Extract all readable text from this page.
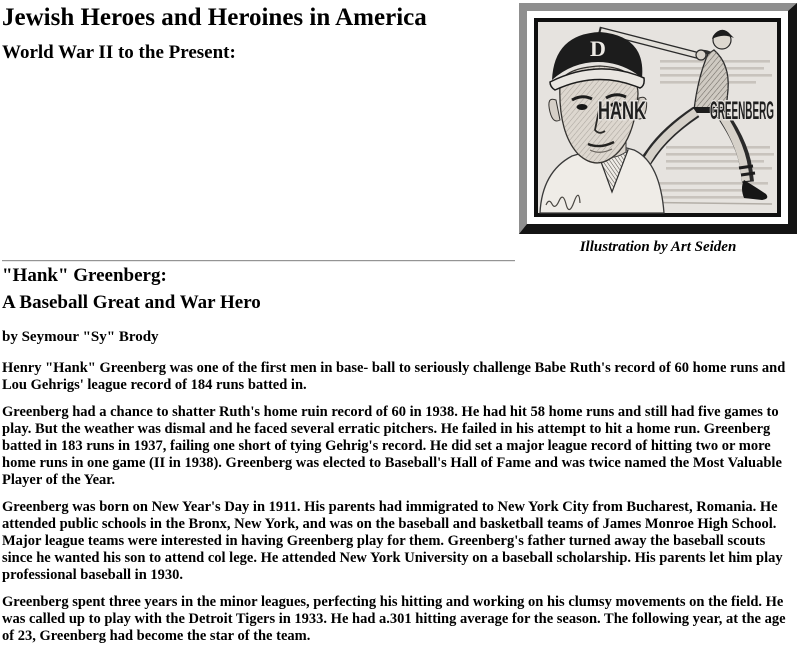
D
HANK	GREENBERG
Illustration by Art Seiden
Jewish Heroes and Heroines in America
World War II to the Present:
"Hank" Greenberg:
A Baseball Great and War Hero
by Seymour "Sy" Brody

Henry "Hank" Greenberg was one of the first men in base- ball to seriously challenge Babe Ruth's record of 60 home runs and Lou Gehrigs' league record of 184 runs batted in.

Greenberg had a chance to shatter Ruth's home ruin record of 60 in 1938. He had hit 58 home runs and still had five games to play. But the weather was dismal and he faced several erratic pitchers. He failed in his attempt to hit a home run. Greenberg batted in 183 runs in 1937, failing one short of tying Gehrig's record. He did set a major league record of hitting two or more home runs in one game (II in 1938). Greenberg was elected to Baseball's Hall of Fame and was twice named the Most Valuable Player of the Year.

Greenberg was born on New Year's Day in 1911. His parents had immigrated to New York City from Bucharest, Romania. He attended public schools in the Bronx, New York, and was on the baseball and basketball teams of James Monroe High School. Major league teams were interested in having Greenberg play for them. Greenberg's father turned away the baseball scouts since he wanted his son to attend col lege. He attended New York University on a baseball scholarship. His parents let him play professional baseball in 1930.

Greenberg spent three years in the minor leagues, perfecting his hitting and working on his clumsy movements on the field. He was called up to play with the Detroit Tigers in 1933. He had a.301 hitting average for the season. The following year, at the age of 23, Greenberg had become the star of the team.
